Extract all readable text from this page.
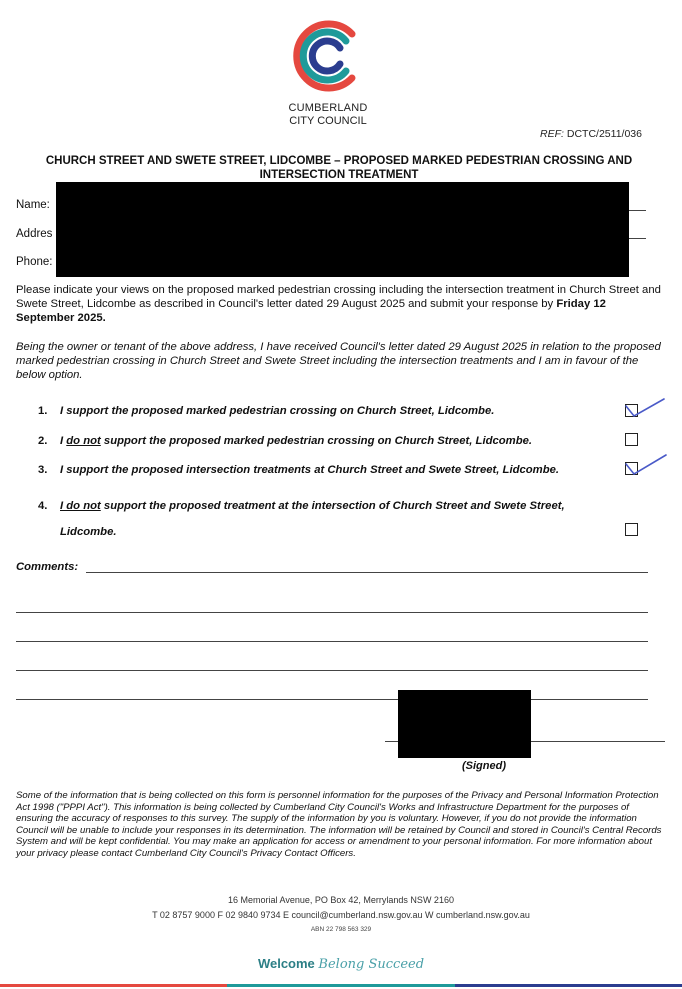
CUMBERLAND
CITY COUNCIL
REF: DCTC/2511/036
CHURCH STREET AND SWETE STREET, LIDCOMBE – PROPOSED MARKED PEDESTRIAN CROSSING AND INTERSECTION TREATMENT
Name:
Addres
Phone:
Please indicate your views on the proposed marked pedestrian crossing including the intersection treatment in Church Street and Swete Street, Lidcombe as described in Council's letter dated 29 August 2025 and submit your response by Friday 12 September 2025.
Being the owner or tenant of the above address, I have received Council's letter dated 29 August 2025 in relation to the proposed marked pedestrian crossing in Church Street and Swete Street including the intersection treatments and I am in favour of the below option.
1. I support the proposed marked pedestrian crossing on Church Street, Lidcombe.
2. I do not support the proposed marked pedestrian crossing on Church Street, Lidcombe.
3. I support the proposed intersection treatments at Church Street and Swete Street, Lidcombe.
4. I do not support the proposed treatment at the intersection of Church Street and Swete Street,
Lidcombe.
Comments:
(Signed)
Some of the information that is being collected on this form is personnel information for the purposes of the Privacy and Personal Information Protection Act 1998 ("PPPI Act"). This information is being collected by Cumberland City Council's Works and Infrastructure Department for the purposes of ensuring the accuracy of responses to this survey. The supply of the information by you is voluntary. However, if you do not provide the information Council will be unable to include your responses in its determination. The information will be retained by Council and stored in Council's Central Records System and will be kept confidential. You may make an application for access or amendment to your personal information. For more information about your privacy please contact Cumberland City Council's Privacy Contact Officers.
16 Memorial Avenue, PO Box 42, Merrylands NSW 2160
T 02 8757 9000 F 02 9840 9734 E council@cumberland.nsw.gov.au W cumberland.nsw.gov.au
ABN 22 798 563 329
Welcome Belong Succeed
